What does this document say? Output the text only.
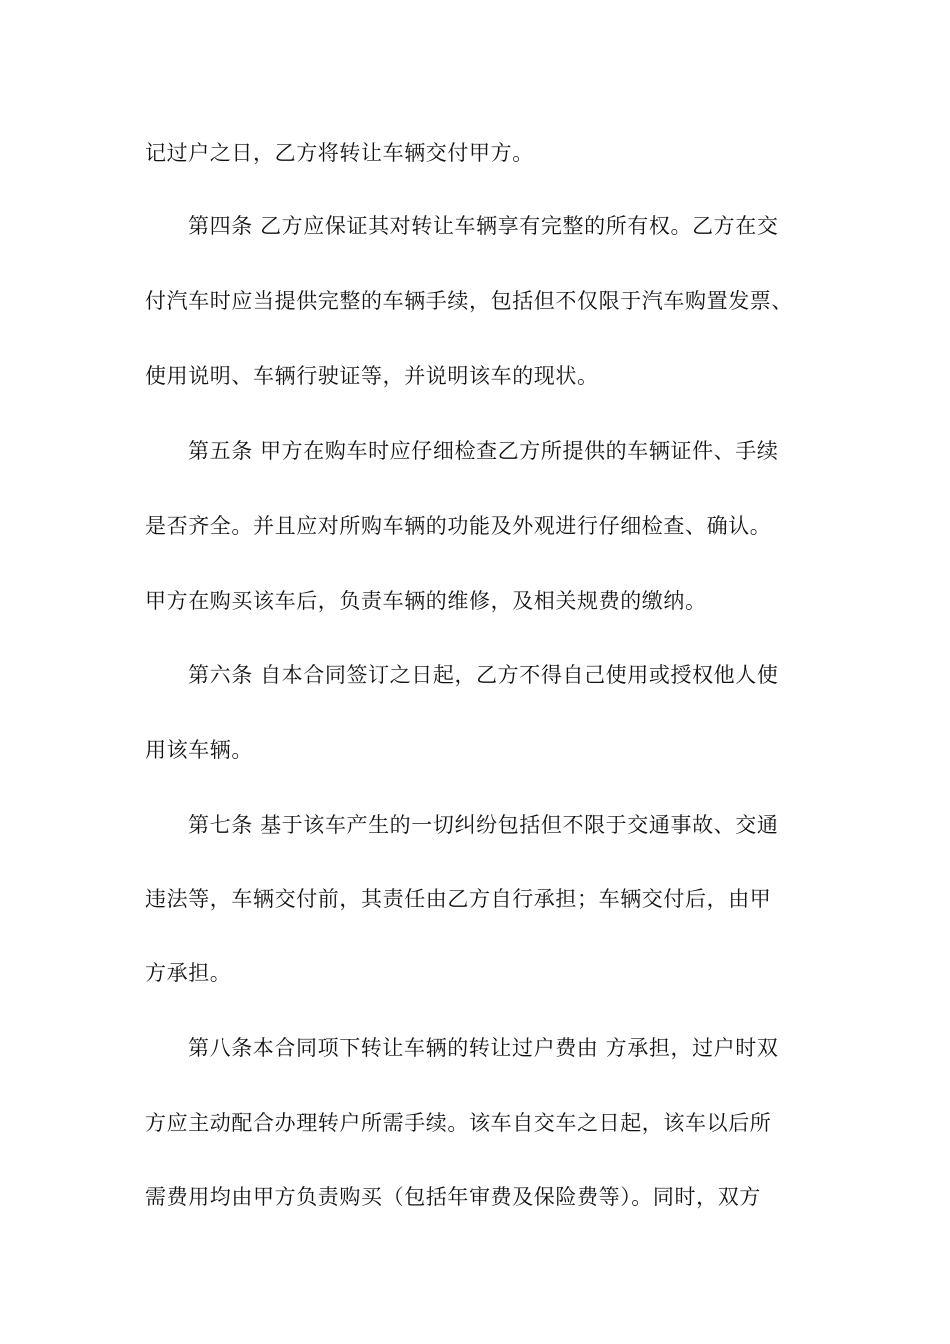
记过户之日，乙方将转让车辆交付甲方。
第四条 乙方应保证其对转让车辆享有完整的所有权。乙方在交
付汽车时应当提供完整的车辆手续，包括但不仅限于汽车购置发票、
使用说明、车辆行驶证等，并说明该车的现状。
第五条 甲方在购车时应仔细检查乙方所提供的车辆证件、手续
是否齐全。并且应对所购车辆的功能及外观进行仔细检查、确认。
甲方在购买该车后，负责车辆的维修，及相关规费的缴纳。
第六条 自本合同签订之日起，乙方不得自己使用或授权他人使
用该车辆。
第七条 基于该车产生的一切纠纷包括但不限于交通事故、交通
违法等，车辆交付前，其责任由乙方自行承担；车辆交付后，由甲
方承担。
第八条本合同项下转让车辆的转让过户费由 方承担，过户时双
方应主动配合办理转户所需手续。该车自交车之日起，该车以后所
需费用均由甲方负责购买（包括年审费及保险费等）。同时，双方
